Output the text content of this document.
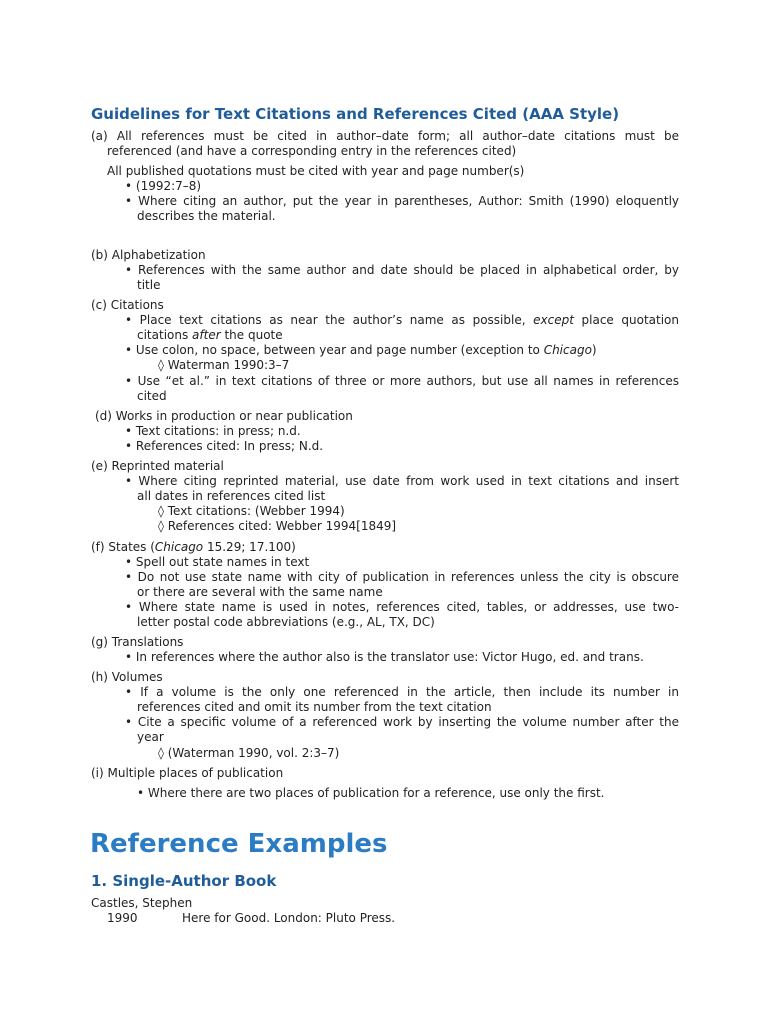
Guidelines for Text Citations and References Cited (AAA Style)

(a) All references must be cited in author–date form; all author–date citations must be

referenced (and have a corresponding entry in the references cited)

All published quotations must be cited with year and page number(s)

• (1992:7–8)

• Where citing an author, put the year in parentheses, Author: Smith (1990) eloquently

describes the material.

(b) Alphabetization

• References with the same author and date should be placed in alphabetical order, by

title

(c) Citations

• Place text citations as near the author’s name as possible, except place quotation

citations after the quote

• Use colon, no space, between year and page number (exception to Chicago)

◊ Waterman 1990:3–7

• Use “et al.” in text citations of three or more authors, but use all names in references

cited

(d) Works in production or near publication

• Text citations: in press; n.d.

• References cited: In press; N.d.

(e) Reprinted material

• Where citing reprinted material, use date from work used in text citations and insert

all dates in references cited list

◊ Text citations: (Webber 1994)

◊ References cited: Webber 1994[1849]

(f) States (Chicago 15.29; 17.100)

• Spell out state names in text

• Do not use state name with city of publication in references unless the city is obscure

or there are several with the same name

• Where state name is used in notes, references cited, tables, or addresses, use two-

letter postal code abbreviations (e.g., AL, TX, DC)

(g) Translations

• In references where the author also is the translator use: Victor Hugo, ed. and trans.

(h) Volumes

• If a volume is the only one referenced in the article, then include its number in

references cited and omit its number from the text citation

• Cite a specific volume of a referenced work by inserting the volume number after the

year

◊ (Waterman 1990, vol. 2:3–7)

(i) Multiple places of publication

• Where there are two places of publication for a reference, use only the first.

Reference Examples
1. Single-Author Book

Castles, Stephen

1990	Here for Good. London: Pluto Press.
